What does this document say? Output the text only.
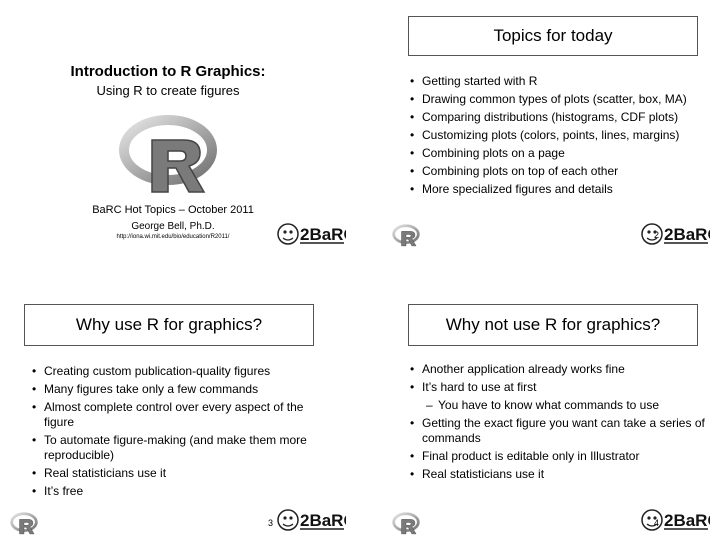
Introduction to R Graphics:
Using R to create figures
BaRC Hot Topics – October 2011
George Bell, Ph.D.
http://iona.wi.mit.edu/bio/education/R2011/
Topics for today
• Getting started with R
• Drawing common types of plots (scatter, box, MA)
• Comparing distributions (histograms, CDF plots)
• Customizing plots (colors, points, lines, margins)
• Combining plots on a page
• Combining plots on top of each other
• More specialized figures and details
2
Why use R for graphics?
• Creating custom publication-quality figures
• Many figures take only a few commands
• Almost complete control over every aspect of the figure
• To automate figure-making (and make them more reproducible)
• Real statisticians use it
• It’s free
3
Why not use R for graphics?
• Another application already works fine
• It’s hard to use at first
– You have to know what commands to use
• Getting the exact figure you want can take a series of commands
• Final product is editable only in Illustrator
• Real statisticians use it
4
